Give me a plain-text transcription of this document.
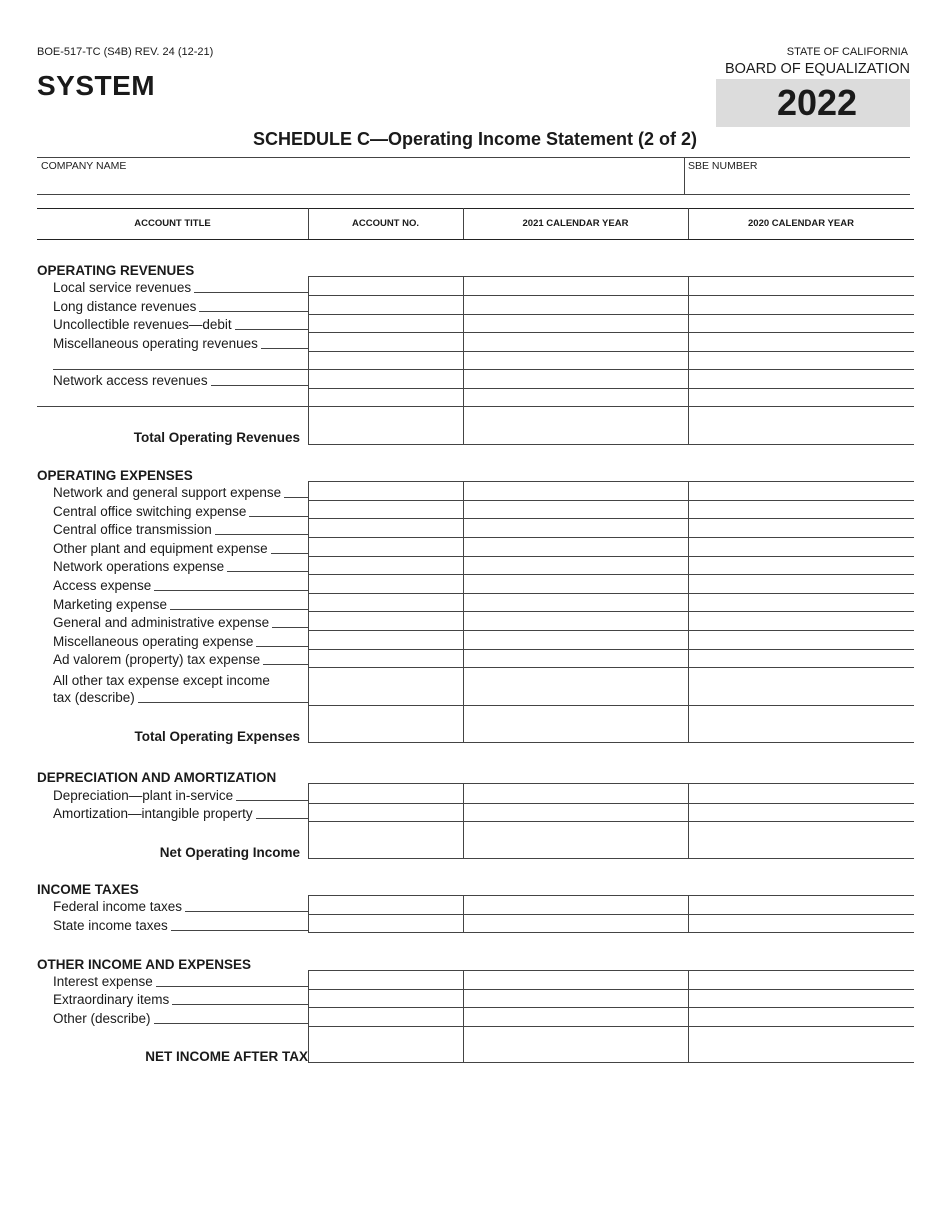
BOE-517-TC (S4B) REV. 24 (12-21)
SYSTEM
STATE OF CALIFORNIA
BOARD OF EQUALIZATION
2022
SCHEDULE C—Operating Income Statement (2 of 2)
COMPANY NAME	SBE NUMBER
ACCOUNT TITLE	ACCOUNT NO.	2021 CALENDAR YEAR	2020 CALENDAR YEAR
OPERATING REVENUES
Local service revenues
Long distance revenues
Uncollectible revenues—debit
Miscellaneous operating revenues
Network access revenues
Total Operating Revenues
OPERATING EXPENSES
Network and general support expense
Central office switching expense
Central office transmission
Other plant and equipment expense
Network operations expense
Access expense
Marketing expense
General and administrative expense
Miscellaneous operating expense
Ad valorem (property) tax expense
All other tax expense except income
tax (describe)
Total Operating Expenses
DEPRECIATION AND AMORTIZATION
Depreciation—plant in-service
Amortization—intangible property
Net Operating Income
INCOME TAXES
Federal income taxes
State income taxes
OTHER INCOME AND EXPENSES
Interest expense
Extraordinary items
Other (describe)
NET INCOME AFTER TAX
